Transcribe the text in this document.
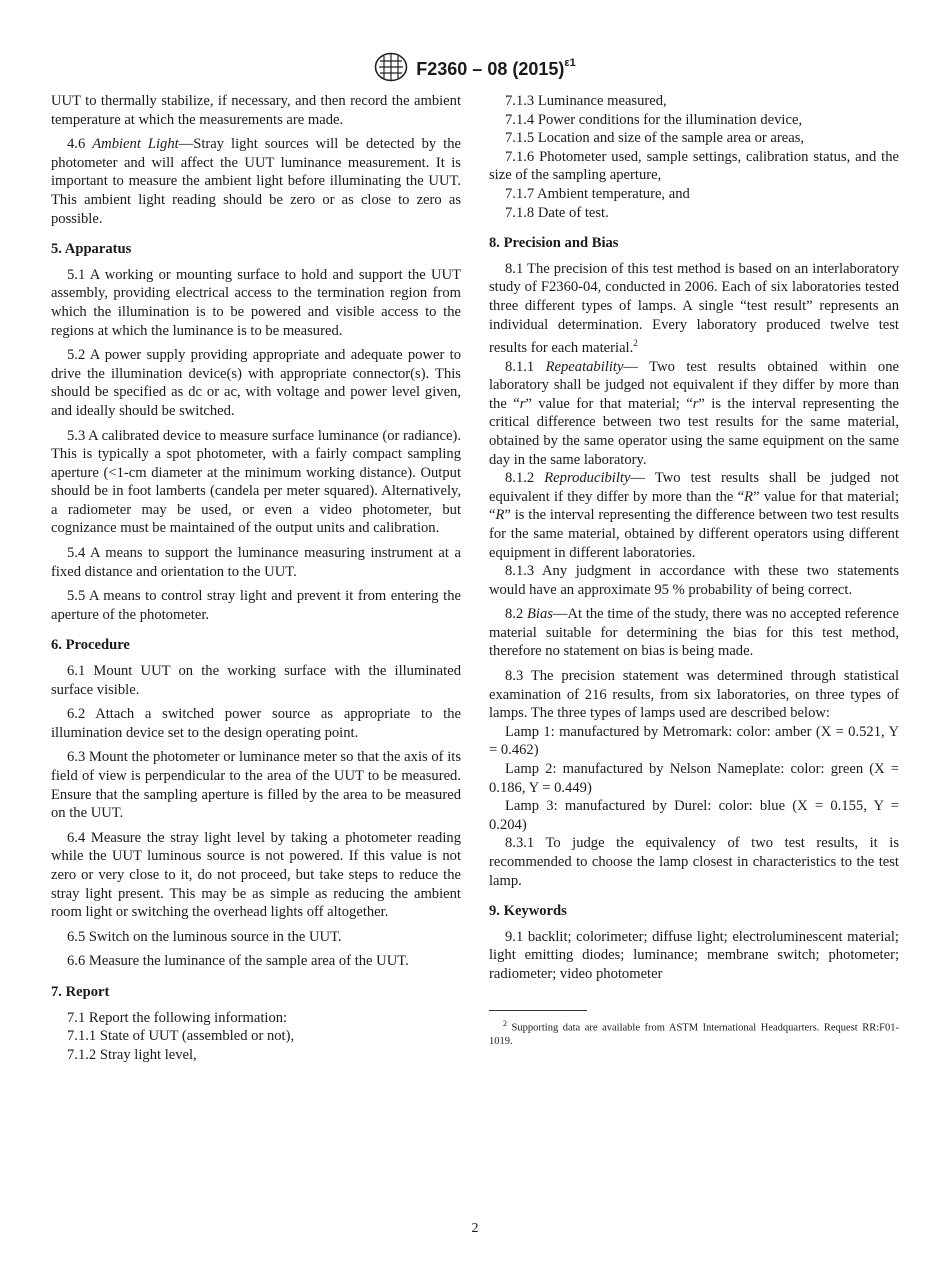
F2360 – 08 $(2015)^{\varepsilon 1}$

UUT to thermally stabilize, if necessary, and then record the ambient temperature at which the measurements are made.

4.6 Ambient Light—Stray light sources will be detected by the photometer and will affect the UUT luminance measurement. It is important to measure the ambient light before illuminating the UUT. This ambient light reading should be zero or as close to zero as possible.

5. Apparatus

5.1 A working or mounting surface to hold and support the UUT assembly, providing electrical access to the termination region from which the illumination is to be powered and visible access to the regions at which the luminance is to be measured.

5.2 A power supply providing appropriate and adequate power to drive the illumination device(s) with appropriate connector(s). This should be specified as dc or ac, with voltage and power level given, and ideally should be switched.

5.3 A calibrated device to measure surface luminance (or radiance). This is typically a spot photometer, with a fairly compact sampling aperture (<1-cm diameter at the minimum working distance). Output should be in foot lamberts (candela per meter squared). Alternatively, a radiometer may be used, or even a video photometer, but cognizance must be maintained of the output units and calibration.

5.4 A means to support the luminance measuring instrument at a fixed distance and orientation to the UUT.

5.5 A means to control stray light and prevent it from entering the aperture of the photometer.

6. Procedure

6.1 Mount UUT on the working surface with the illuminated surface visible.

6.2 Attach a switched power source as appropriate to the illumination device set to the design operating point.

6.3 Mount the photometer or luminance meter so that the axis of its field of view is perpendicular to the area of the UUT to be measured. Ensure that the sampling aperture is filled by the area to be measured on the UUT.

6.4 Measure the stray light level by taking a photometer reading while the UUT luminous source is not powered. If this value is not zero or very close to it, do not proceed, but take steps to reduce the stray light present. This may be as simple as reducing the ambient room light or switching the overhead lights off altogether.

6.5 Switch on the luminous source in the UUT.

6.6 Measure the luminance of the sample area of the UUT.

7. Report

7.1 Report the following information:

7.1.1 State of UUT (assembled or not),

7.1.2 Stray light level,

7.1.3 Luminance measured,

7.1.4 Power conditions for the illumination device,

7.1.5 Location and size of the sample area or areas,

7.1.6 Photometer used, sample settings, calibration status, and the size of the sampling aperture,

7.1.7 Ambient temperature, and

7.1.8 Date of test.

8. Precision and Bias

8.1 The precision of this test method is based on an interlaboratory study of F2360-04, conducted in 2006. Each of six laboratories tested three different types of lamps. A single “test result” represents an individual determination. Every laboratory produced twelve test results for each material.$^2$

8.1.1 Repeatability— Two test results obtained within one laboratory shall be judged not equivalent if they differ by more than the “r” value for that material; “r” is the interval representing the critical difference between two test results for the same material, obtained by the same operator using the same equipment on the same day in the same laboratory.

8.1.2 Reproducibilty— Two test results shall be judged not equivalent if they differ by more than the “R” value for that material; “R” is the interval representing the difference between two test results for the same material, obtained by different operators using different equipment in different laboratories.

8.1.3 Any judgment in accordance with these two statements would have an approximate 95 % probability of being correct.

8.2 Bias—At the time of the study, there was no accepted reference material suitable for determining the bias for this test method, therefore no statement on bias is being made.

8.3 The precision statement was determined through statistical examination of 216 results, from six laboratories, on three types of lamps. The three types of lamps used are described below:

Lamp 1: manufactured by Metromark: color: amber (X = 0.521, Y = 0.462)

Lamp 2: manufactured by Nelson Nameplate: color: green (X = 0.186, Y = 0.449)

Lamp 3: manufactured by Durel: color: blue (X = 0.155, Y = 0.204)

8.3.1 To judge the equivalency of two test results, it is recommended to choose the lamp closest in characteristics to the test lamp.

9. Keywords

9.1 backlit; colorimeter; diffuse light; electroluminescent material; light emitting diodes; luminance; membrane switch; photometer; radiometer; video photometer

$^2$ Supporting data are available from ASTM International Headquarters. Request RR:F01-1019.

2
